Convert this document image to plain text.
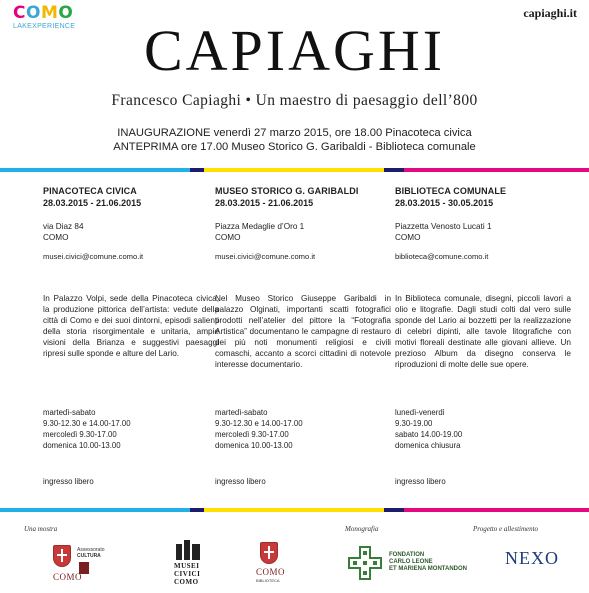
COMO
LAKEXPERIENCE
capiaghi.it
CAPIAGHI
Francesco Capiaghi • Un maestro di paesaggio dell’800
INAUGURAZIONE venerdì 27 marzo 2015, ore 18.00 Pinacoteca civica
ANTEPRIMA ore 17.00 Museo Storico G. Garibaldi - Biblioteca comunale
PINACOTECA CIVICA
28.03.2015 - 21.06.2015
via Diaz 84
COMO
musei.civici@comune.como.it
In Palazzo Volpi, sede della Pinacoteca civica, la produzione pittorica dell’artista: vedute della città di Como e dei suoi dintorni, episodi salienti della storia risorgimentale e unitaria, ampie visioni della Brianza e suggestivi paesaggi ripresi sulle sponde e alture del Lario.
martedì-sabato
9.30-12.30 e 14.00-17.00
mercoledì 9.30-17.00
domenica 10.00-13.00
ingresso libero
MUSEO STORICO G. GARIBALDI
28.03.2015 - 21.06.2015
Piazza Medaglie d’Oro 1
COMO
musei.civici@comune.como.it
Nel Museo Storico Giuseppe Garibaldi in palazzo Olginati, importanti scatti fotografici prodotti nell’atelier del pittore la “Fotografia Artistica” documentano le campagne di restauro dei più noti monumenti religiosi e civili comaschi, accanto a scorci cittadini di notevole interesse documentario.
martedì-sabato
9.30-12.30 e 14.00-17.00
mercoledì 9.30-17.00
domenica 10.00-13.00
ingresso libero
BIBLIOTECA COMUNALE
28.03.2015 - 30.05.2015
Piazzetta Venosto Lucati 1
COMO
biblioteca@comune.como.it
In Biblioteca comunale, disegni, piccoli lavori a olio e litografie. Dagli studi colti dal vero sulle sponde del Lario ai bozzetti per la realizzazione di celebri dipinti, alle tavole litografiche con motivi floreali destinate alle giovani allieve. Un prezioso Album da disegno conserva le riproduzioni di molte delle sue opere.
lunedì-venerdì
9.30-19.00
sabato 14.00-19.00
domenica chiusura
ingresso libero
Una mostra	Monografia	Progetto e allestimento
Assessorato
CULTURA
COMO
MUSEI
CIVICI
COMO
COMO
BIBLIOTECA
FONDATION
CARLO LEONE
ET MARIENA MONTANDON
NEXO
